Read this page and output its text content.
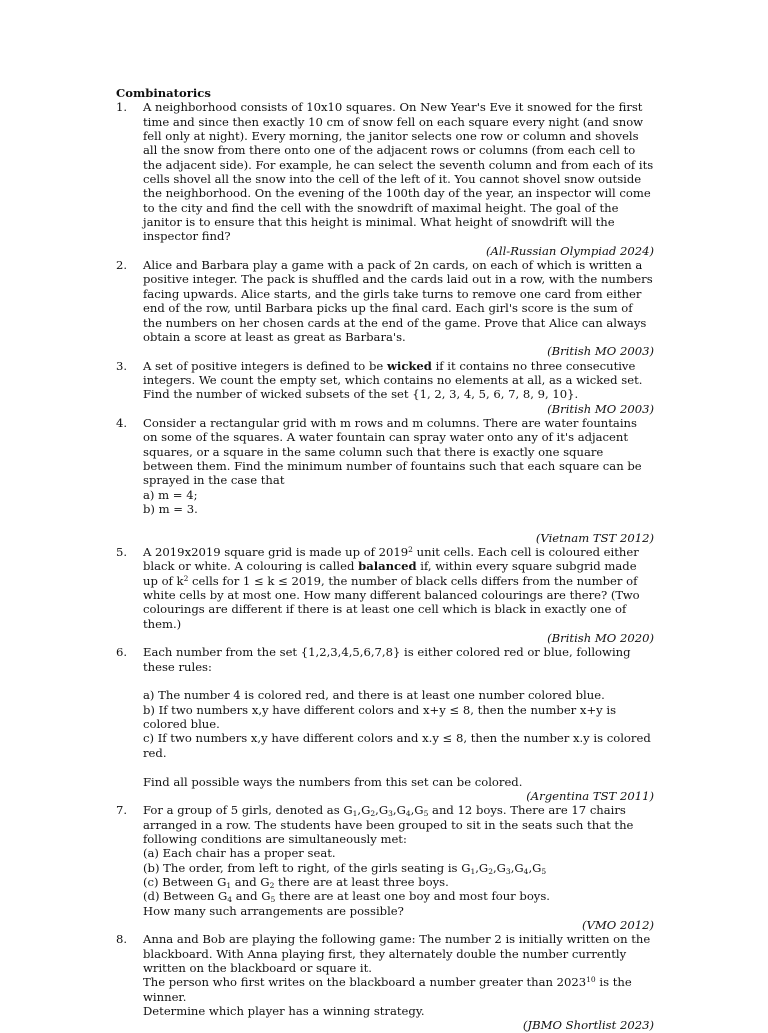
Combinatorics

1.	A neighborhood consists of 10x10 squares. On New Year's Eve it snowed for the first time and since then exactly 10 cm of snow fell on each square every night (and snow fell only at night). Every morning, the janitor selects one row or column and shovels all the snow from there onto one of the adjacent rows or columns (from each cell to the adjacent side). For example, he can select the seventh column and from each of its cells shovel all the snow into the cell of the left of it. You cannot shovel snow outside the neighborhood. On the evening of the 100th day of the year, an inspector will come to the city and find the cell with the snowdrift of maximal height. The goal of the janitor is to ensure that this height is minimal. What height of snowdrift will the inspector find?

(All-Russian Olympiad 2024)
2.	Alice and Barbara play a game with a pack of 2n cards, on each of which is written a positive integer. The pack is shuffled and the cards laid out in a row, with the numbers facing upwards. Alice starts, and the girls take turns to remove one card from either end of the row, until Barbara picks up the final card. Each girl's score is the sum of the numbers on her chosen cards at the end of the game. Prove that Alice can always obtain a score at least as great as Barbara's.

(British MO 2003)
3.	A set of positive integers is defined to be wicked if it contains no three consecutive integers. We count the empty set, which contains no elements at all, as a wicked set. Find the number of wicked subsets of the set {1, 2, 3, 4, 5, 6, 7, 8, 9, 10}.

(British MO 2003)
4.	Consider a rectangular grid with m rows and m columns. There are water fountains on some of the squares. A water fountain can spray water onto any of it's adjacent squares, or a square in the same column such that there is exactly one square between them. Find the minimum number of fountains such that each square can be sprayed in the case that

a) m = 4;

b) m = 3.

(Vietnam TST 2012)
5.	A 2019x2019 square grid is made up of 2019$^2$ unit cells. Each cell is coloured either black or white. A colouring is called balanced if, within every square subgrid made up of $k^2$ cells for 1 ≤ k ≤ 2019, the number of black cells differs from the number of white cells by at most one. How many different balanced colourings are there? (Two colourings are different if there is at least one cell which is black in exactly one of them.)

(British MO 2020)
6.	Each number from the set {1,2,3,4,5,6,7,8} is either colored red or blue, following these rules:

a) The number 4 is colored red, and there is at least one number colored blue.

b) If two numbers x,y have different colors and x+y ≤ 8, then the number x+y is colored blue.

c) If two numbers x,y have different colors and x.y ≤ 8, then the number x.y is colored red.

Find all possible ways the numbers from this set can be colored.

(Argentina TST 2011)
7.	For a group of 5 girls, denoted as $G_1,G_2,G_3,G_4,G_5$ and 12 boys. There are 17 chairs arranged in a row. The students have been grouped to sit in the seats such that the following conditions are simultaneously met:

(a) Each chair has a proper seat.

(b) The order, from left to right, of the girls seating is $G_1,G_2,G_3,G_4,G_5$

(c) Between $G_1$ and $G_2$ there are at least three boys.

(d) Between $G_4$ and $G_5$ there are at least one boy and most four boys.

How many such arrangements are possible?

(VMO 2012)
8.	Anna and Bob are playing the following game: The number 2 is initially written on the blackboard. With Anna playing first, they alternately double the number currently written on the blackboard or square it.

The person who first writes on the blackboard a number greater than 2023$^{10}$ is the winner.

Determine which player has a winning strategy.

(JBMO Shortlist 2023)
